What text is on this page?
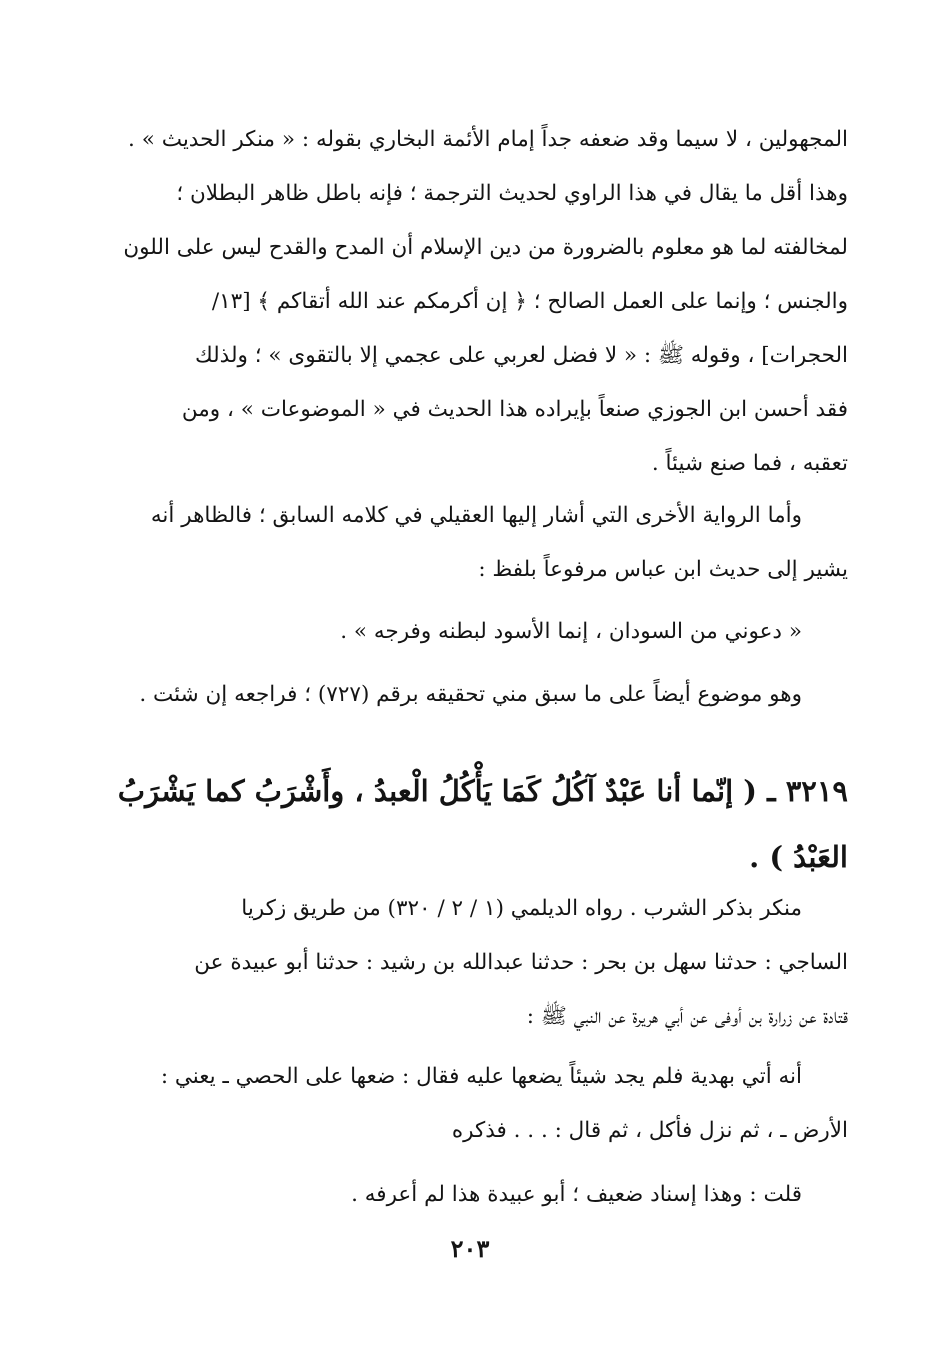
المجهولين ، لا سيما وقد ضعفه جداً إمام الأئمة البخاري بقوله : « منكر الحديث » .
وهذا أقل ما يقال في هذا الراوي لحديث الترجمة ؛ فإنه باطل ظاهر البطلان ؛
لمخالفته لما هو معلوم بالضرورة من دين الإسلام أن المدح والقدح ليس على اللون
والجنس ؛ وإنما على العمل الصالح ؛ ﴿ إن أكرمكم عند الله أتقاكم ﴾ [١٣/
الحجرات] ، وقوله ﷺ : « لا فضل لعربي على عجمي إلا بالتقوى » ؛ ولذلك
فقد أحسن ابن الجوزي صنعاً بإيراده هذا الحديث في « الموضوعات » ، ومن
تعقبه ، فما صنع شيئاً .
وأما الرواية الأخرى التي أشار إليها العقيلي في كلامه السابق ؛ فالظاهر أنه
يشير إلى حديث ابن عباس مرفوعاً بلفظ :
« دعوني من السودان ، إنما الأسود لبطنه وفرجه » .
وهو موضوع أيضاً على ما سبق مني تحقيقه برقم (٧٢٧) ؛ فراجعه إن شئت .
٣٢١٩ ـ ( إنّما أنا عَبْدٌ آكُلُ كَمَا يَأْكُلُ الْعبدُ ، وأَشْرَبُ كما يَشْرَبُ
العَبْدُ ) .
منكر بذكر الشرب . رواه الديلمي (١ / ٢ / ٣٢٠) من طريق زكريا
الساجي : حدثنا سهل بن بحر : حدثنا عبدالله بن رشيد : حدثنا أبو عبيدة عن
قتادة عن زرارة بن أوفى عن أبي هريرة عن النبي ﷺ :
أنه أتي بهدية فلم يجد شيئاً يضعها عليه فقال : ضعها على الحصي ـ يعني :
الأرض ـ ، ثم نزل فأكل ، ثم قال : . . . فذكره
قلت : وهذا إسناد ضعيف ؛ أبو عبيدة هذا لم أعرفه .
٢٠٣
